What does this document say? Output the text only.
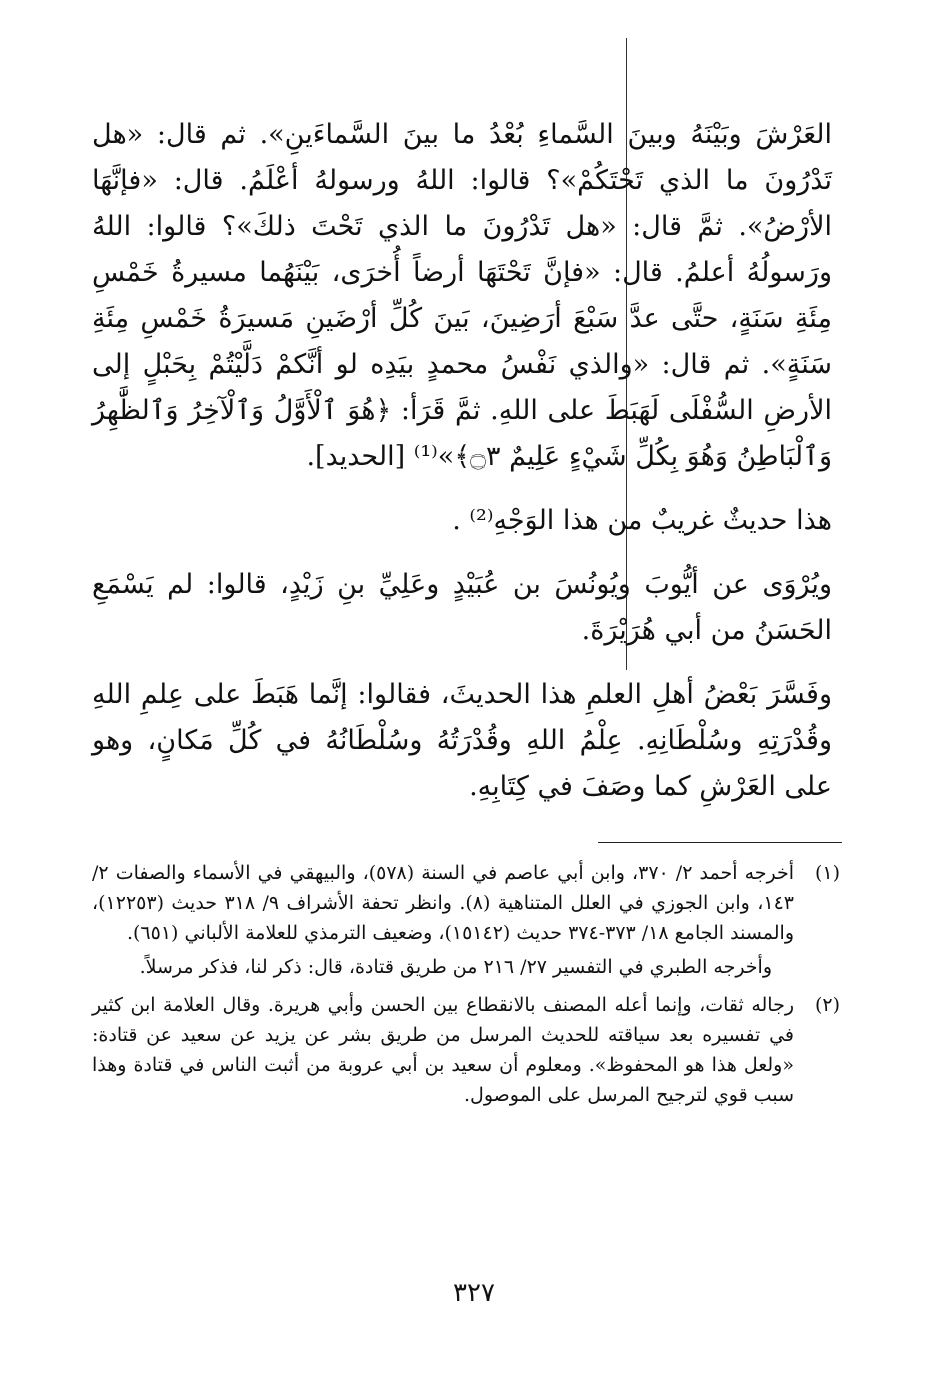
العَرْشَ وبَيْنَهُ وبينَ السَّماءِ بُعْدُ ما بينَ السَّماءَينِ». ثم قال: «هل تَدْرُونَ ما الذي تَحْتَكُمْ»؟ قالوا: اللهُ ورسولهُ أعْلَمُ. قال: «فإنَّهَا الأرْضُ». ثمَّ قال: «هل تَدْرُونَ ما الذي تَحْتَ ذلكَ»؟ قالوا: اللهُ ورَسولُهُ أعلمُ. قال: «فإنَّ تَحْتَهَا أرضاً أُخرَى، بَيْنَهُما مسيرةُ خَمْسِ مِئَةِ سَنَةٍ، حتَّى عدَّ سَبْعَ أرَضِينَ، بَينَ كُلِّ أرْضَينِ مَسيرَةُ خَمْسِ مِئَةِ سَنَةٍ». ثم قال: «والذي نَفْسُ محمدٍ بيَدِه لو أنَّكمْ دَلَّيْتُمْ بِحَبْلٍ إلى الأرضِ السُّفْلَى لَهَبَطَ على اللهِ. ثمَّ قَرَأ: ﴿هُوَ ٱلْأَوَّلُ وَٱلْآخِرُ وَٱلظَّٰهِرُ وَٱلْبَاطِنُ وَهُوَ بِكُلِّ شَيْءٍ عَلِيمٌ ۝٣﴾»⁽¹⁾ [الحديد].

هذا حديثٌ غريبٌ من هذا الوَجْهِ⁽²⁾ .

ويُرْوَى عن أيُّوبَ ويُونُسَ بن عُبَيْدٍ وعَلِيِّ بنِ زَيْدٍ، قالوا: لم يَسْمَعِ الحَسَنُ من أبي هُرَيْرَةَ.

وفَسَّرَ بَعْضُ أهلِ العلمِ هذا الحديثَ، فقالوا: إنَّما هَبَطَ على عِلمِ اللهِ وقُدْرَتِهِ وسُلْطَانِهِ. عِلْمُ اللهِ وقُدْرَتُهُ وسُلْطَانُهُ في كُلِّ مَكانٍ، وهو على العَرْشِ كما وصَفَ في كِتَابِهِ.

(١)

أخرجه أحمد ٢/ ٣٧٠، وابن أبي عاصم في السنة (٥٧٨)، والبيهقي في الأسماء والصفات ٢/ ١٤٣، وابن الجوزي في العلل المتناهية (٨). وانظر تحفة الأشراف ٩/ ٣١٨ حديث (١٢٢٥٣)، والمسند الجامع ١٨/ ٣٧٣-٣٧٤ حديث (١٥١٤٢)، وضعيف الترمذي للعلامة الألباني (٦٥١).

وأخرجه الطبري في التفسير ٢٧/ ٢١٦ من طريق قتادة، قال: ذكر لنا، فذكر مرسلاً.

(٢)

رجاله ثقات، وإنما أعله المصنف بالانقطاع بين الحسن وأبي هريرة. وقال العلامة ابن كثير في تفسيره بعد سياقته للحديث المرسل من طريق بشر عن يزيد عن سعيد عن قتادة: «ولعل هذا هو المحفوظ». ومعلوم أن سعيد بن أبي عروبة من أثبت الناس في قتادة وهذا سبب قوي لترجيح المرسل على الموصول.

٣٢٧
